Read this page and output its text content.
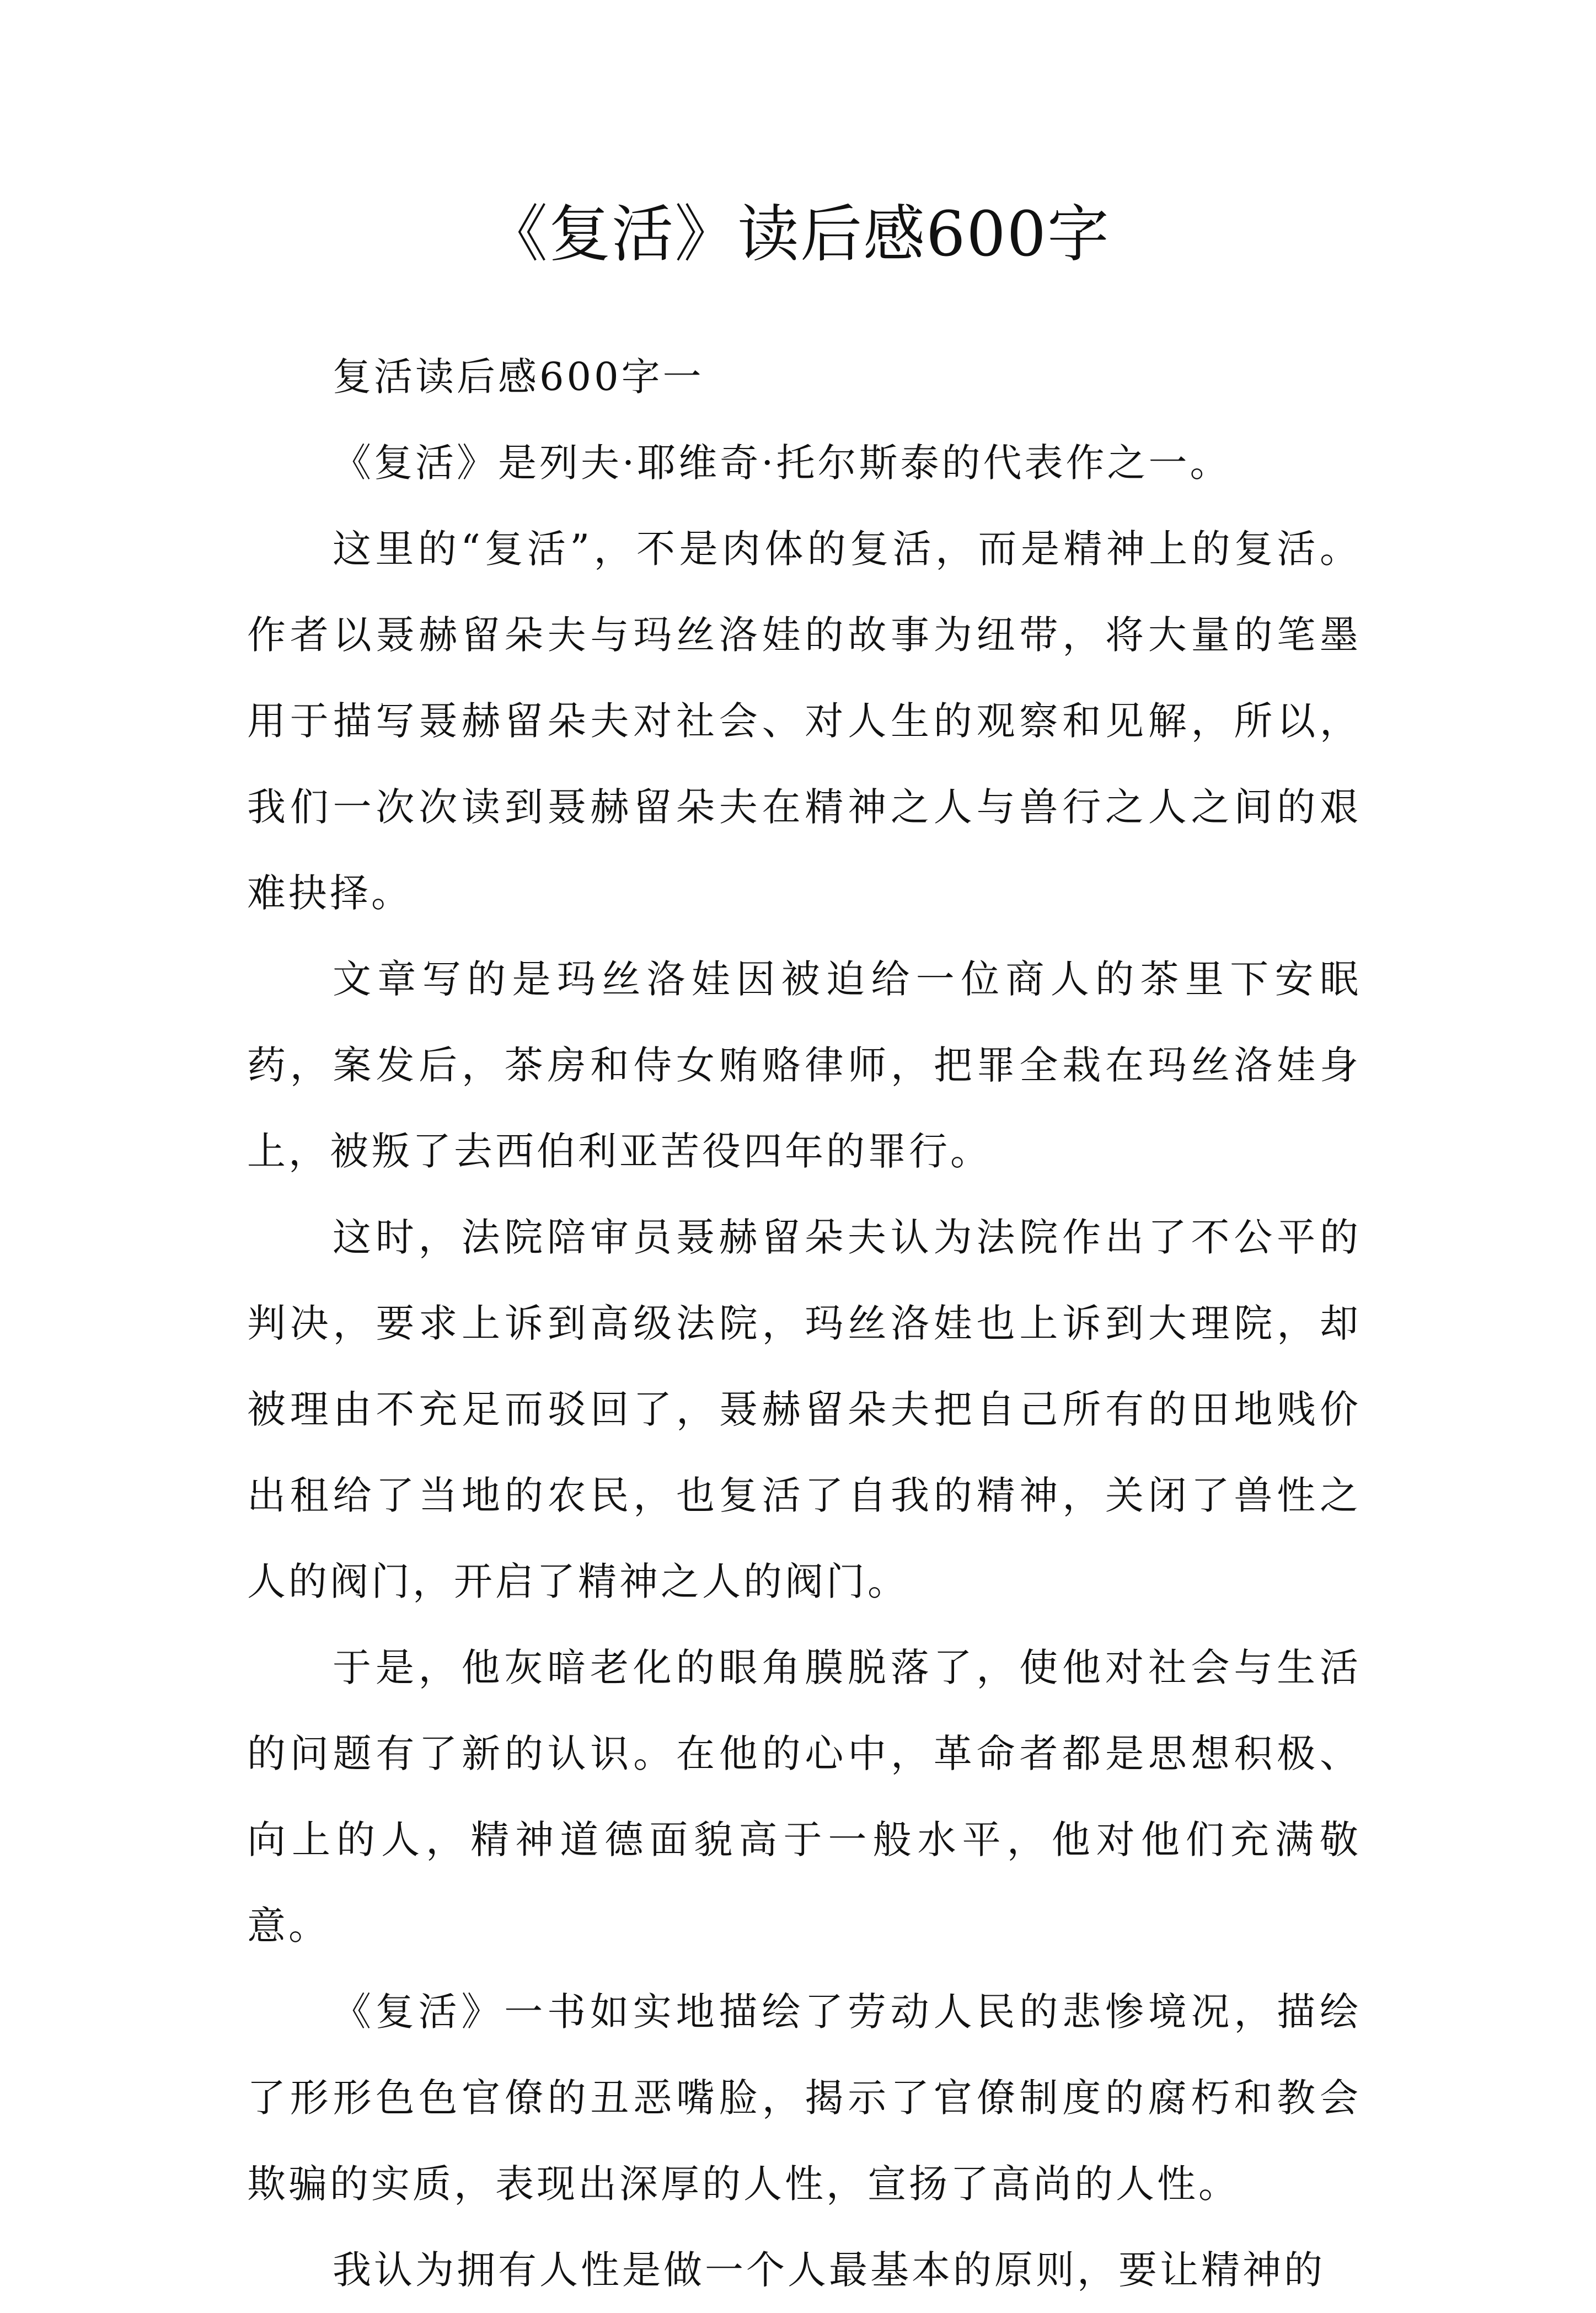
《复活》读后感600字

复活读后感600字一

《复活》是列夫·耶维奇·托尔斯泰的代表作之一。

这里的“复活”，不是肉体的复活，而是精神上的复活。作者以聂赫留朵夫与玛丝洛娃的故事为纽带，将大量的笔墨用于描写聂赫留朵夫对社会、对人生的观察和见解，所以，我们一次次读到聂赫留朵夫在精神之人与兽行之人之间的艰难抉择。

文章写的是玛丝洛娃因被迫给一位商人的茶里下安眠药，案发后，茶房和侍女贿赂律师，把罪全栽在玛丝洛娃身上，被叛了去西伯利亚苦役四年的罪行。

这时，法院陪审员聂赫留朵夫认为法院作出了不公平的判决，要求上诉到高级法院，玛丝洛娃也上诉到大理院，却被理由不充足而驳回了，聂赫留朵夫把自己所有的田地贱价出租给了当地的农民，也复活了自我的精神，关闭了兽性之人的阀门，开启了精神之人的阀门。

于是，他灰暗老化的眼角膜脱落了，使他对社会与生活的问题有了新的认识。在他的心中，革命者都是思想积极、向上的人，精神道德面貌高于一般水平，他对他们充满敬意。

《复活》一书如实地描绘了劳动人民的悲惨境况，描绘了形形色色官僚的丑恶嘴脸，揭示了官僚制度的腐朽和教会欺骗的实质，表现出深厚的人性，宣扬了高尚的人性。

我认为拥有人性是做一个人最基本的原则，要让精神的
